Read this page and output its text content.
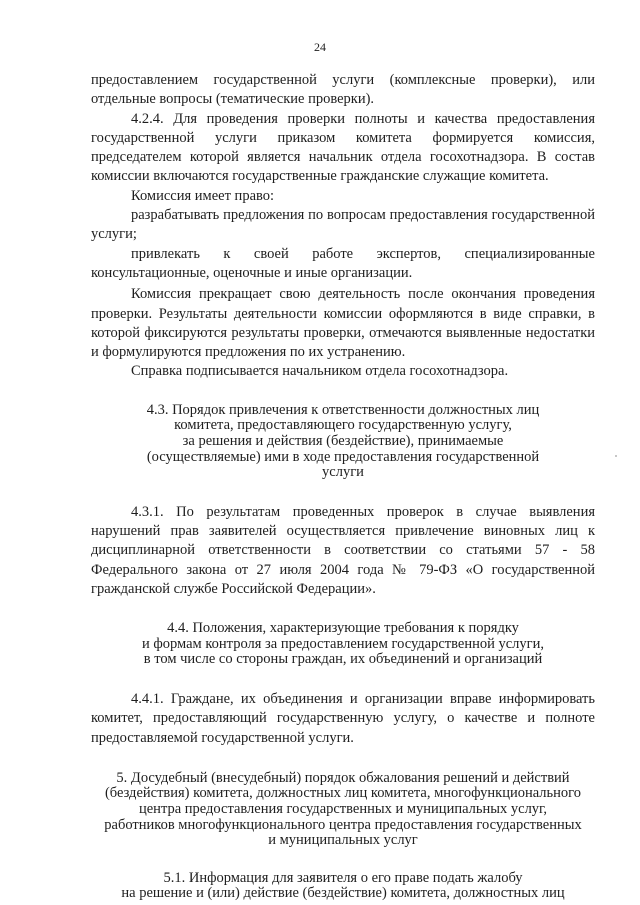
24

предоставлением государственной услуги (комплексные проверки), или отдельные вопросы (тематические проверки).

4.2.4. Для проведения проверки полноты и качества предоставления государственной услуги приказом комитета формируется комиссия, председателем которой является начальник отдела госохотнадзора. В состав комиссии включаются государственные гражданские служащие комитета.

Комиссия имеет право:

разрабатывать предложения по вопросам предоставления государственной услуги;

привлекать к своей работе экспертов, специализированные консультационные, оценочные и иные организации.

Комиссия прекращает свою деятельность после окончания проведения проверки. Результаты деятельности комиссии оформляются в виде справки, в которой фиксируются результаты проверки, отмечаются выявленные недостатки и формулируются предложения по их устранению.

Справка подписывается начальником отдела госохотнадзора.

4.3. Порядок привлечения к ответственности должностных лиц
комитета, предоставляющего государственную услугу,
за решения и действия (бездействие), принимаемые
(осуществляемые) ими в ходе предоставления государственной
услуги

4.3.1. По результатам проведенных проверок в случае выявления нарушений прав заявителей осуществляется привлечение виновных лиц к дисциплинарной ответственности в соответствии со статьями 57 - 58 Федерального закона от 27 июля 2004 года № 79-ФЗ «О государственной гражданской службе Российской Федерации».

4.4. Положения, характеризующие требования к порядку
и формам контроля за предоставлением государственной услуги,
в том числе со стороны граждан, их объединений и организаций

4.4.1. Граждане, их объединения и организации вправе информировать комитет, предоставляющий государственную услугу, о качестве и полноте предоставляемой государственной услуги.

5. Досудебный (внесудебный) порядок обжалования решений и действий
(бездействия) комитета, должностных лиц комитета, многофункционального
центра предоставления государственных и муниципальных услуг,
работников многофункционального центра предоставления государственных
и муниципальных услуг
5.1. Информация для заявителя о его праве подать жалобу
на решение и (или) действие (бездействие) комитета, должностных лиц
